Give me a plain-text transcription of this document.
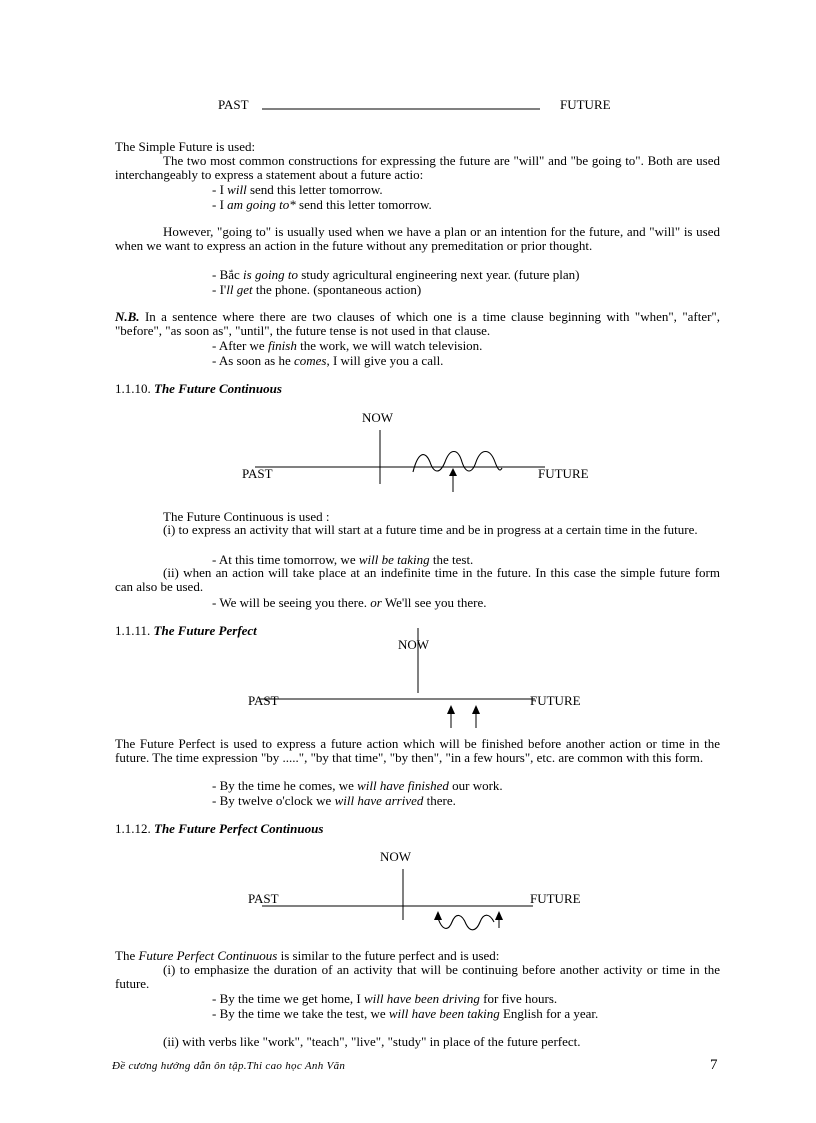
PAST	FUTURE
NOW
PAST	FUTURE
NOW
PAST	FUTURE
NOW
PAST	FUTURE
The Simple Future is used:
The two most common constructions for expressing the future are "will" and "be going to". Both are used interchangeably to express a statement about a future actio:
- I will send this letter tomorrow.
- I am going to* send this letter tomorrow.
However, "going to" is usually used when we have a plan or an intention for the future, and "will" is used when we want to express an action in the future without any premeditation or prior thought.
- Bắc is going to study agricultural engineering next year. (future plan)
- I'll get the phone. (spontaneous action)
N.B. In a sentence where there are two clauses of which one is a time clause beginning with "when", "after", "before", "as soon as", "until", the future tense is not used in that clause.
- After we finish the work, we will watch television.
- As soon as he comes, I will give you a call.
1.1.10. The Future Continuous
The Future Continuous is used :
(i) to express an activity that will start at a future time and be in progress at a certain time in the future.
- At this time tomorrow, we will be taking the test.
(ii) when an action will take place at an indefinite time in the future. In this case the simple future form can also be used.
- We will be seeing you there. or We'll see you there.
1.1.11. The Future Perfect
The Future Perfect is used to express a future action which will be finished before another action or time in the future. The time expression "by .....", "by that time", "by then", "in a few hours", etc. are common with this form.
- By the time he comes, we will have finished our work.
- By twelve o'clock we will have arrived there.
1.1.12. The Future Perfect Continuous
The Future Perfect Continuous is similar to the future perfect and is used:
(i) to emphasize the duration of an activity that will be continuing before another activity or time in the future.
- By the time we get home, I will have been driving for five hours.
- By the time we take the test, we will have been taking English for a year.
(ii) with verbs like "work", "teach", "live", "study" in place of the future perfect.
Đề cương hướng dẫn ôn tập.Thi cao học Anh Văn	7
